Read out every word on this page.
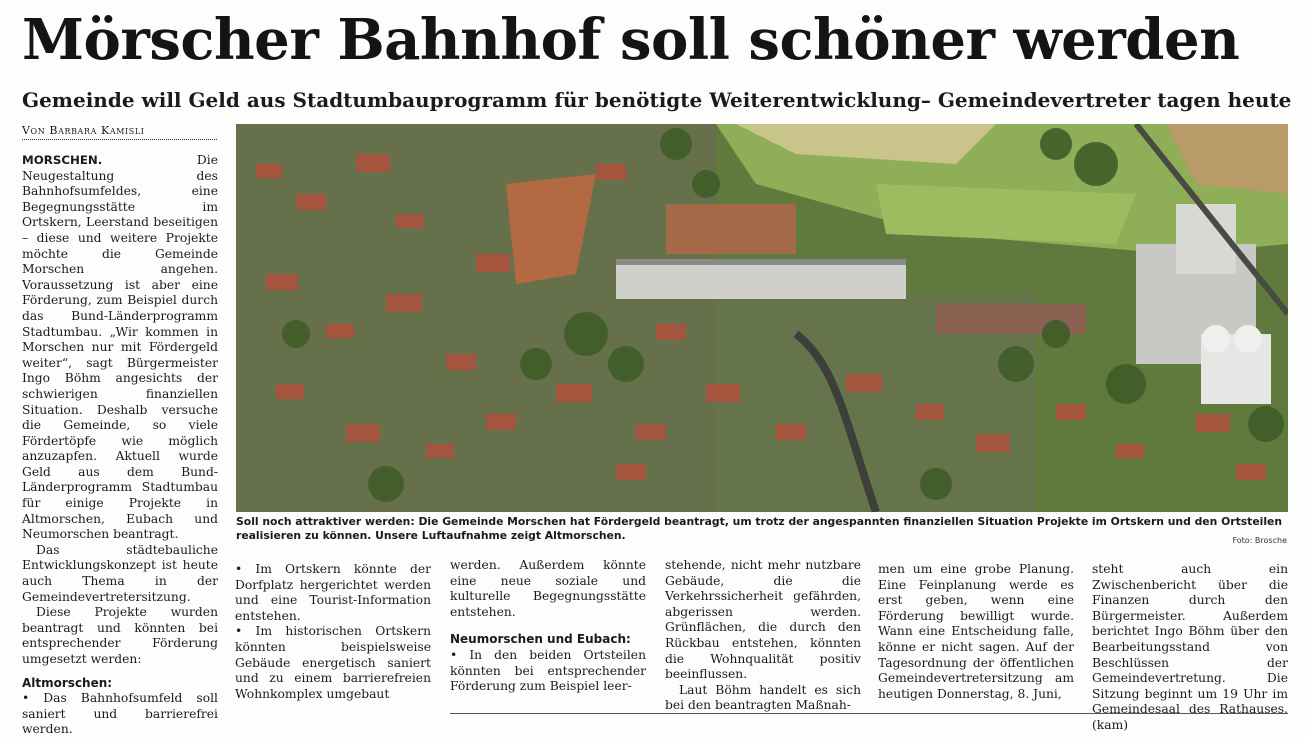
Mörscher Bahnhof soll schöner werden
Gemeinde will Geld aus Stadtumbauprogramm für benötigte Weiterentwicklung– Gemeindevertreter tagen heute
Von Barbara Kamisli

MORSCHEN.	Die Neugestaltung des Bahnhofsumfeldes, eine Begegnungsstätte im Ortskern, Leerstand beseitigen – diese und weitere Projekte möchte die Gemeinde Morschen angehen. Voraussetzung ist aber eine Förderung, zum Beispiel durch das Bund-Länderprogramm Stadtumbau. „Wir kommen in Morschen nur mit Fördergeld weiter“, sagt Bürgermeister Ingo Böhm angesichts der schwierigen finanziellen Situation. Deshalb versuche die Gemeinde, so viele Fördertöpfe wie möglich anzuzapfen. Aktuell wurde Geld aus dem Bund-Länderprogramm Stadtumbau für einige Projekte in Altmorschen, Eubach und Neumorschen beantragt.

Das städtebauliche Entwicklungskonzept ist heute auch Thema in der Gemeindevertretersitzung.

Diese Projekte wurden beantragt und könnten bei entsprechender Förderung umgesetzt werden:

Altmorschen:

• Das Bahnhofsumfeld soll saniert und barrierefrei werden.

Soll noch attraktiver werden: Die Gemeinde Morschen hat Fördergeld beantragt, um trotz der angespannten finanziellen Situation Projekte im Ortskern und den Ortsteilen realisieren zu können. Unsere Luftaufnahme zeigt Altmorschen.	Foto: Brosche

• Im Ortskern könnte der Dorfplatz hergerichtet werden und eine Tourist-Information entstehen.

• Im historischen Ortskern könnten beispielsweise Gebäude energetisch saniert und zu einem barrierefreien Wohnkomplex umgebaut

werden. Außerdem könnte eine neue soziale und kulturelle Begegnungsstätte entstehen.

Neumorschen und Eubach:

• In den beiden Ortsteilen könnten bei entsprechender Förderung zum Beispiel leer-

stehende, nicht mehr nutzbare Gebäude, die die Verkehrssicherheit gefährden, abgerissen werden. Grünflächen, die durch den Rückbau entstehen, könnten die Wohnqualität positiv beeinflussen.

Laut Böhm handelt es sich bei den beantragten Maßnah-

men um eine grobe Planung. Eine Feinplanung werde es erst geben, wenn eine Förderung bewilligt wurde. Wann eine Entscheidung falle, könne er nicht sagen. Auf der Tagesordnung der öffentlichen Gemeindevertretersitzung am heutigen Donnerstag, 8. Juni,

steht auch ein Zwischenbericht über die Finanzen durch den Bürgermeister. Außerdem berichtet Ingo Böhm über den Bearbeitungsstand von Beschlüssen der Gemeindevertretung. Die Sitzung beginnt um 19 Uhr im Gemeindesaal des Rathauses. (kam)
